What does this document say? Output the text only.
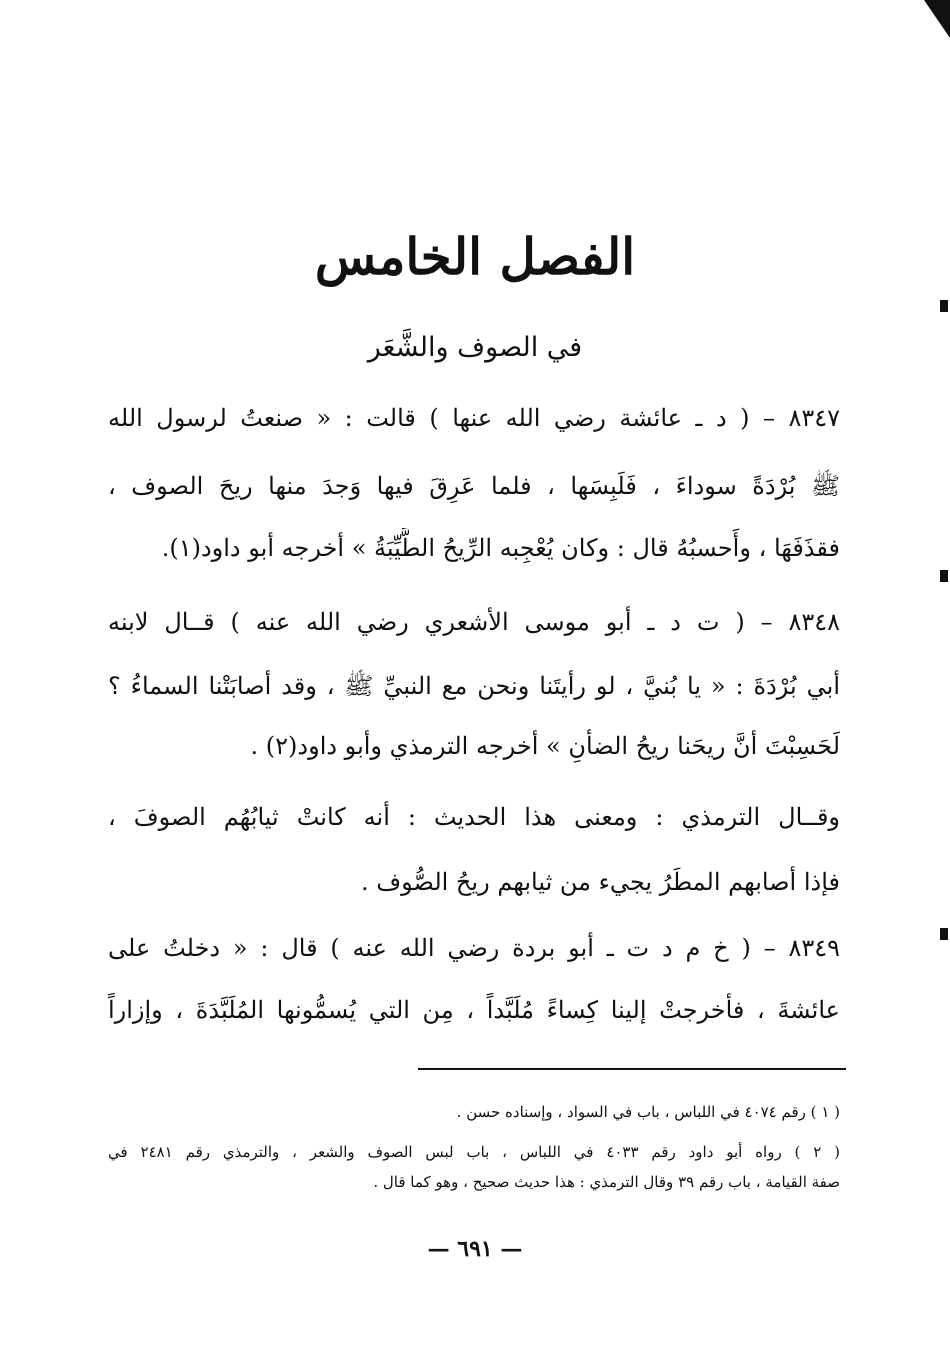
الفصل الخامس
في الصوف والشَّعَر
٨٣٤٧ – ( د ـ عائشة رضي الله عنها ) قالت : « صنعتُ لرسول الله
ﷺ بُرْدَةً سوداءَ ، فَلَبِسَها ، فلما عَرِقَ فيها وَجدَ منها ريحَ الصوف ،
فقذَفَهَا ، وأَحسبُهُ قال : وكان يُعْجِبه الرِّيحُ الطَّيِّبَةُ » أخرجه أبو داود(١).
٨٣٤٨ – ( ت د ـ أبو موسى الأشعري رضي الله عنه ) قــال لابنه
أبي بُرْدَةَ : « يا بُنيَّ ، لو رأيتَنا ونحن مع النبيِّ ﷺ ، وقد أصابَتْنا السماءُ ؟
لَحَسِبْتَ أنَّ ريحَنا ريحُ الضأنِ » أخرجه الترمذي وأبو داود(٢) .
وقــال الترمذي : ومعنى هذا الحديث : أنه كانتْ ثيابُهُم الصوفَ ،
فإذا أصابهم المطَرُ يجيء من ثيابهم ريحُ الصُّوف .
٨٣٤٩ – ( خ م د ت ـ أبو بردة رضي الله عنه ) قال : « دخلتُ على
عائشةَ ، فأخرجتْ إلينا كِساءً مُلَبَّداً ، مِن التي يُسمُّونها المُلَبَّدَةَ ، وإزاراً
( ١ ) رقم ٤٠٧٤ في اللباس ، باب في السواد ، وإسناده حسن .
( ٢ ) رواه أبو داود رقم ٤٠٣٣ في اللباس ، باب لبس الصوف والشعر ، والترمذي رقم ٢٤٨١ في
صفة القيامة ، باب رقم ٣٩ وقال الترمذي : هذا حديث صحيح ، وهو كما قال .
— ٦٩١ —
